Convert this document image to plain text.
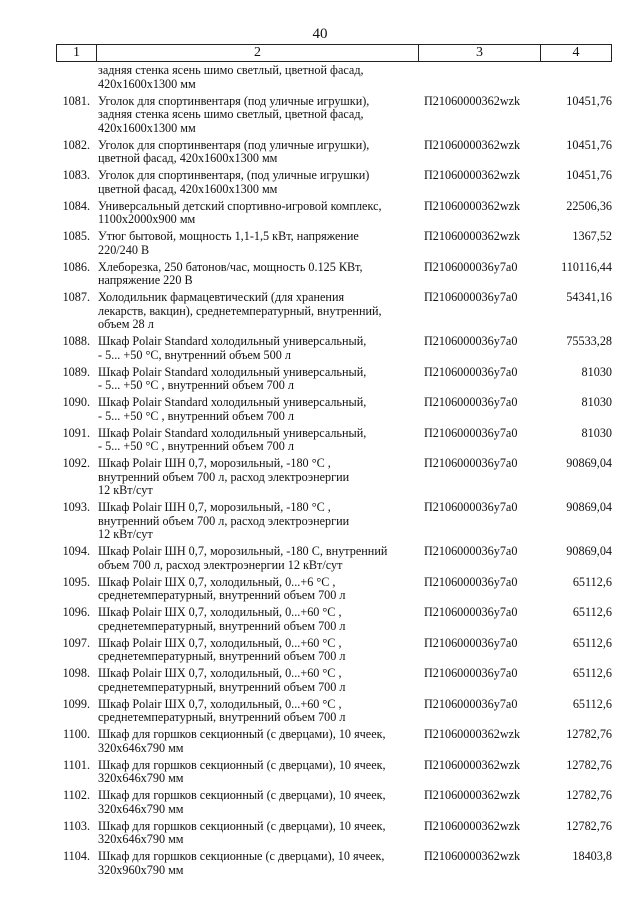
40
1	2	3	4
задняя стенка ясень шимо светлый, цветной фасад,
420x1600x1300 мм
1081. Уголок для спортинвентаря (под уличные игрушки),
задняя стенка ясень шимо светлый, цветной фасад,
420x1600x1300 мм
П21060000362wzk	10451,76
1082. Уголок для спортинвентаря (под уличные игрушки),
цветной фасад, 420x1600x1300 мм
П21060000362wzk	10451,76
1083. Уголок для спортинвентаря, (под уличные игрушки)
цветной фасад, 420x1600x1300 мм
П21060000362wzk	10451,76
1084. Универсальный детский спортивно-игровой комплекс,
1100x2000x900 мм
П21060000362wzk	22506,36
1085. Утюг бытовой, мощность 1,1-1,5 кВт, напряжение
220/240 В
П21060000362wzk	1367,52
1086. Хлеборезка, 250 батонов/час, мощность 0.125 КВт,
напряжение 220 В
П2106000036у7а0	110116,44
1087. Холодильник фармацевтический (для хранения
лекарств, вакцин), среднетемпературный, внутренний,
объем 28 л
П2106000036у7а0	54341,16
1088. Шкаф Polair Standard холодильный универсальный,
- 5... +50 °С, внутренний объем 500 л
П2106000036у7а0	75533,28
1089. Шкаф Polair Standard холодильный универсальный,
- 5... +50 °С , внутренний объем 700 л
П2106000036у7а0	81030
1090. Шкаф Polair Standard холодильный универсальный,
- 5... +50 °С , внутренний объем 700 л
П2106000036у7а0	81030
1091. Шкаф Polair Standard холодильный универсальный,
- 5... +50 °С , внутренний объем 700 л
П2106000036у7а0	81030
1092. Шкаф Polair ШН 0,7, морозильный, -180 °С ,
внутренний объем 700 л, расход электроэнергии
12 кВт/сут
П2106000036у7а0	90869,04
1093. Шкаф Polair ШН 0,7, морозильный, -180 °С ,
внутренний объем 700 л, расход электроэнергии
12 кВт/сут
П2106000036у7а0	90869,04
1094. Шкаф Polair ШН 0,7, морозильный, -180 С, внутренний
объем 700 л, расход электроэнергии 12 кВт/сут
П2106000036у7а0	90869,04
1095. Шкаф Polair ШХ 0,7, холодильный, 0...+6 °С ,
среднетемпературный, внутренний объем 700 л
П2106000036у7а0	65112,6
1096. Шкаф Polair ШХ 0,7, холодильный, 0...+60 °С ,
среднетемпературный, внутренний объем 700 л
П2106000036у7а0	65112,6
1097. Шкаф Polair ШХ 0,7, холодильный, 0...+60 °С ,
среднетемпературный, внутренний объем 700 л
П2106000036у7а0	65112,6
1098. Шкаф Polair ШХ 0,7, холодильный, 0...+60 °С ,
среднетемпературный, внутренний объем 700 л
П2106000036у7а0	65112,6
1099. Шкаф Polair ШХ 0,7, холодильный, 0...+60 °С ,
среднетемпературный, внутренний объем 700 л
П2106000036у7а0	65112,6
1100. Шкаф для горшков секционный (с дверцами), 10 ячеек,
320x646x790 мм
П21060000362wzk	12782,76
1101. Шкаф для горшков секционный (с дверцами), 10 ячеек,
320x646x790 мм
П21060000362wzk	12782,76
1102. Шкаф для горшков секционный (с дверцами), 10 ячеек,
320x646x790 мм
П21060000362wzk	12782,76
1103. Шкаф для горшков секционный (с дверцами), 10 ячеек,
320x646x790 мм
П21060000362wzk	12782,76
1104. Шкаф для горшков секционные (с дверцами), 10 ячеек,
320x960x790 мм
П21060000362wzk	18403,8
